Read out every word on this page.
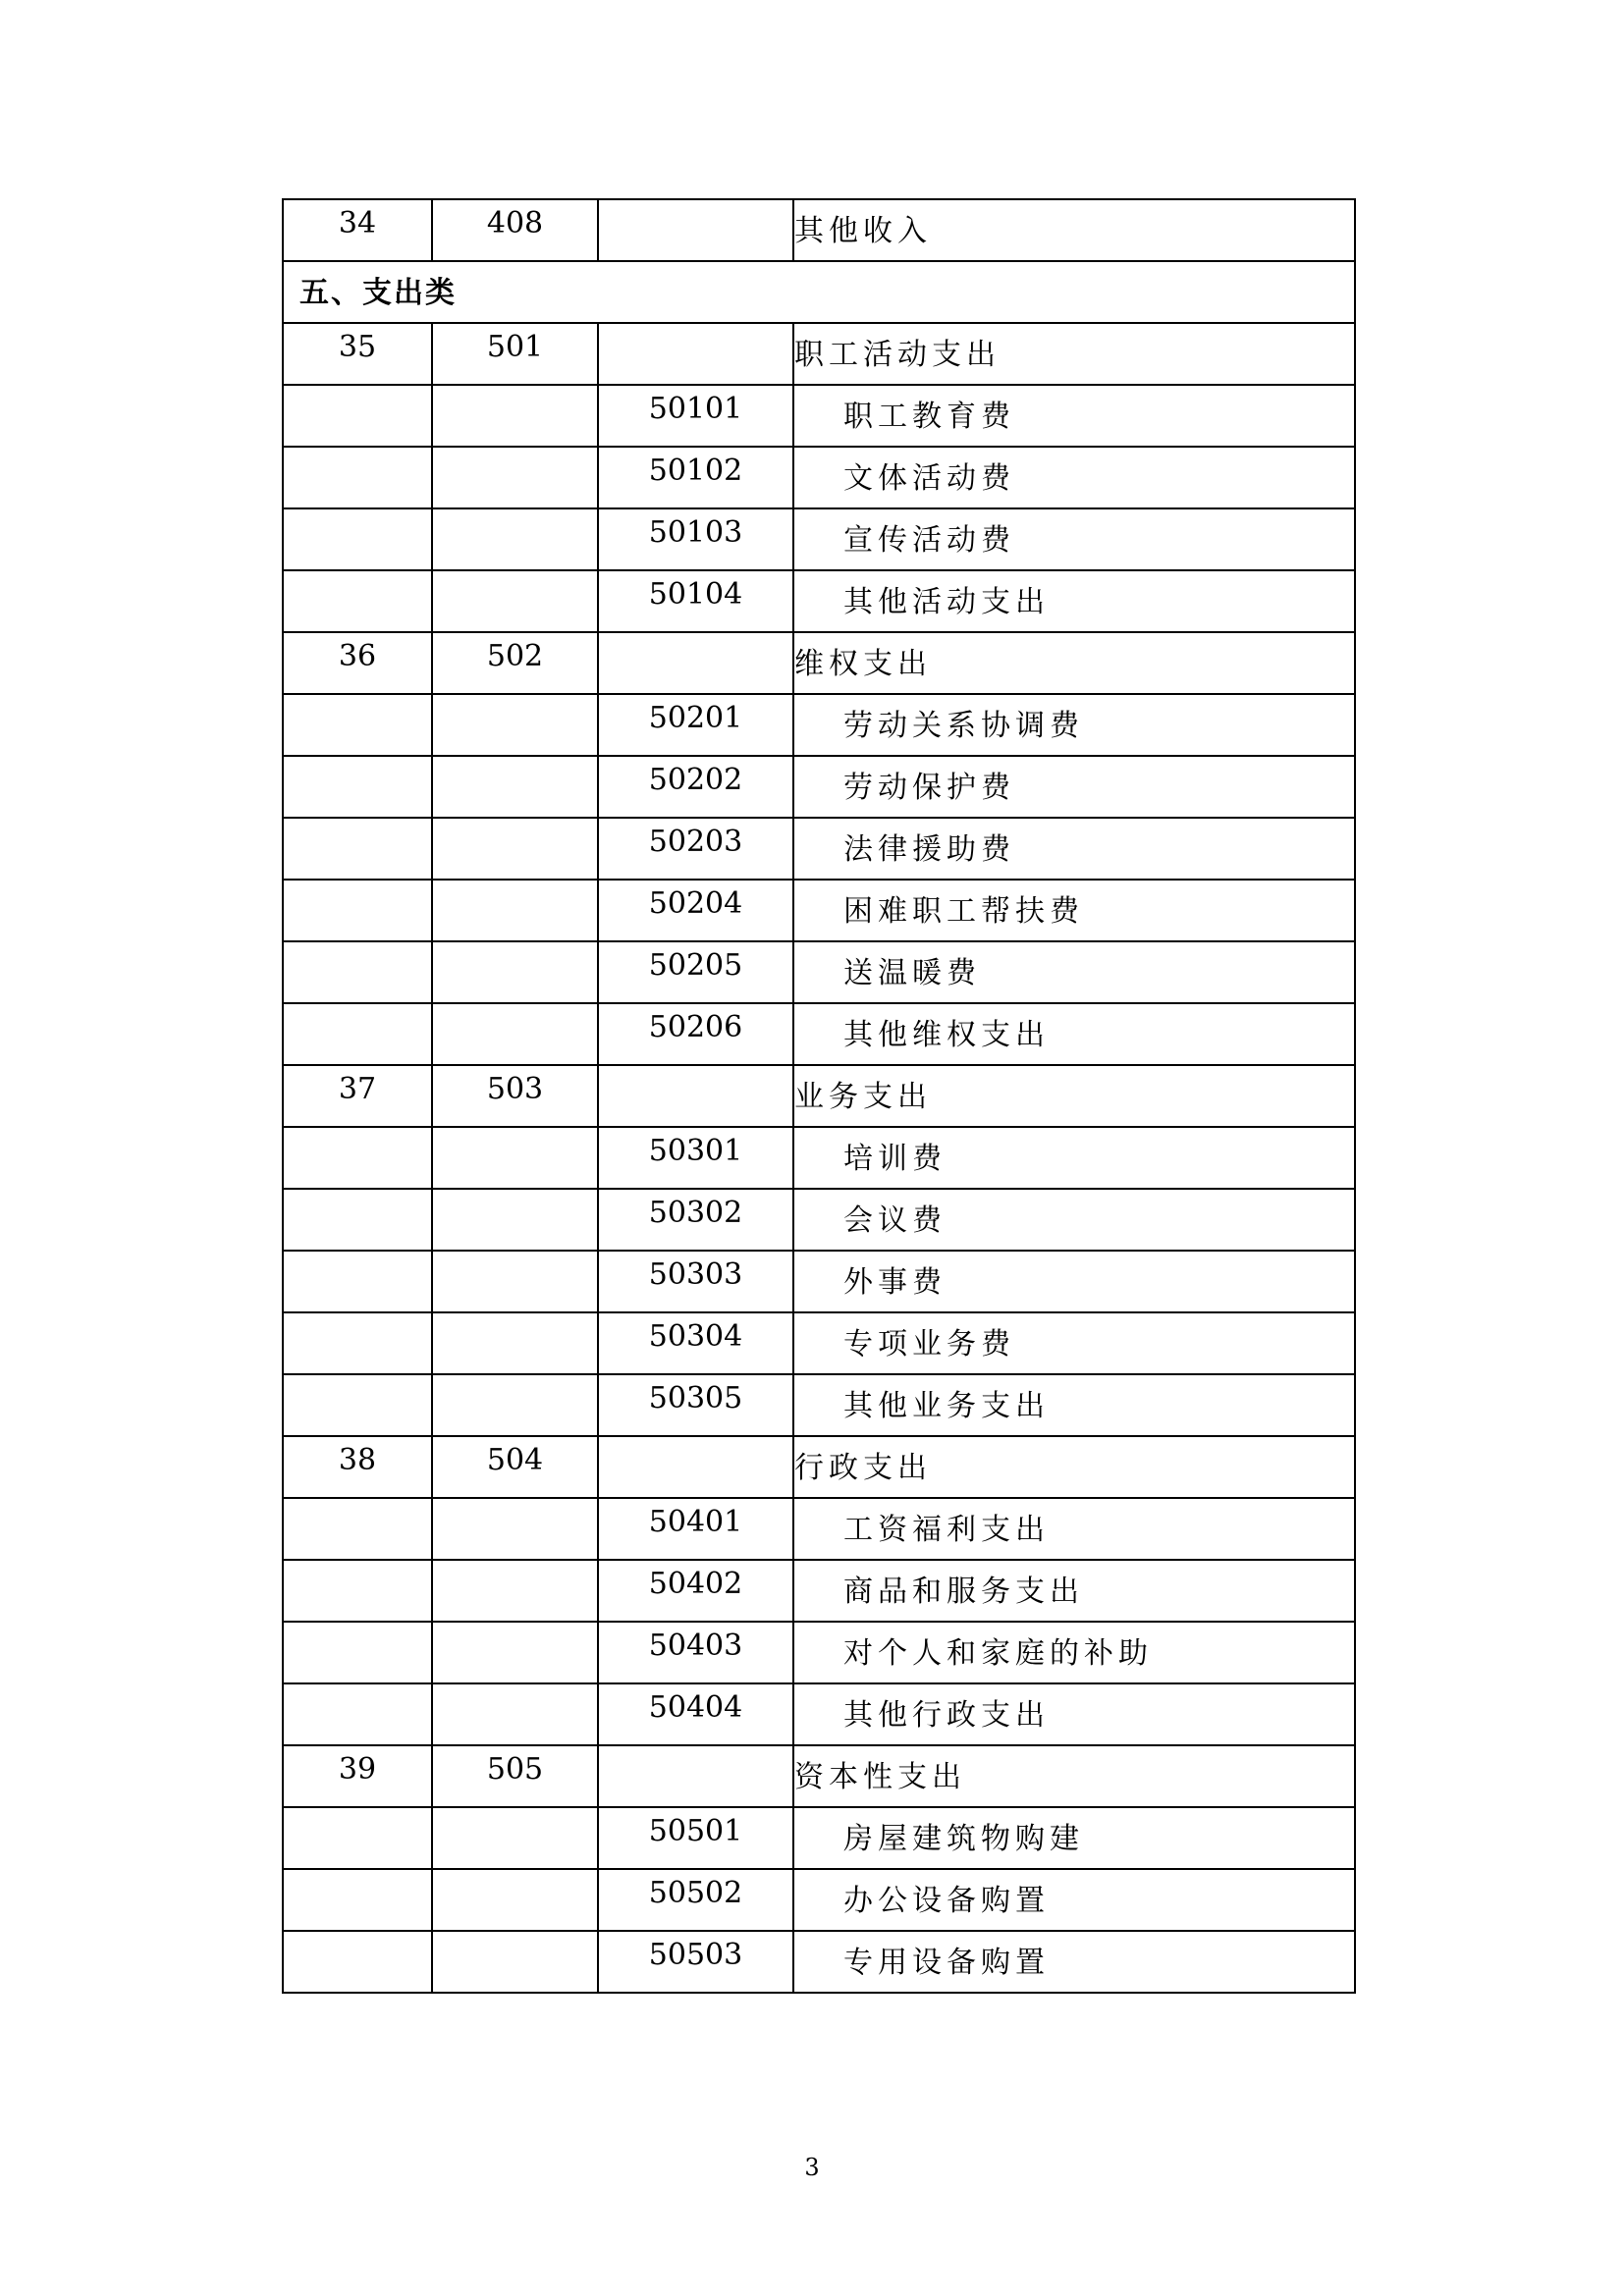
34	408		其他收入
五、支出类			
35	501		职工活动支出
		50101	职工教育费
		50102	文体活动费
		50103	宣传活动费
		50104	其他活动支出
36	502		维权支出
		50201	劳动关系协调费
		50202	劳动保护费
		50203	法律援助费
		50204	困难职工帮扶费
		50205	送温暖费
		50206	其他维权支出
37	503		业务支出
		50301	培训费
		50302	会议费
		50303	外事费
		50304	专项业务费
		50305	其他业务支出
38	504		行政支出
		50401	工资福利支出
		50402	商品和服务支出
		50403	对个人和家庭的补助
		50404	其他行政支出
39	505		资本性支出
		50501	房屋建筑物购建
		50502	办公设备购置
		50503	专用设备购置
3
